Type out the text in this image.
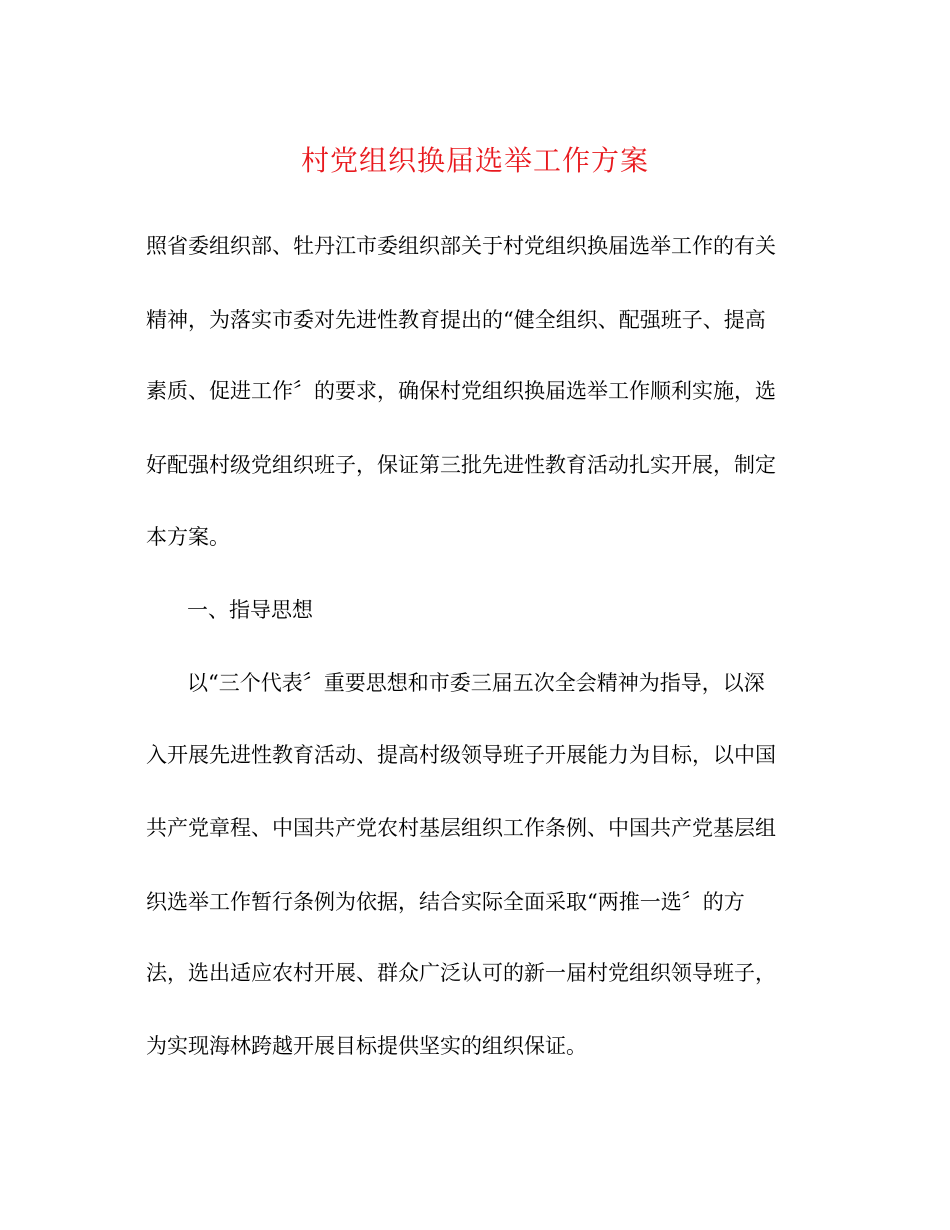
村党组织换届选举工作方案
照省委组织部、牡丹江市委组织部关于村党组织换届选举工作的有关
精神，为落实市委对先进性教育提出的“健全组织、配强班子、提高
素质、促进工作〞的要求，确保村党组织换届选举工作顺利实施，选
好配强村级党组织班子，保证第三批先进性教育活动扎实开展，制定
本方案。
一、指导思想
以“三个代表〞重要思想和市委三届五次全会精神为指导，以深
入开展先进性教育活动、提高村级领导班子开展能力为目标，以中国
共产党章程、中国共产党农村基层组织工作条例、中国共产党基层组
织选举工作暂行条例为依据，结合实际全面采取“两推一选〞的方
法，选出适应农村开展、群众广泛认可的新一届村党组织领导班子，
为实现海林跨越开展目标提供坚实的组织保证。
